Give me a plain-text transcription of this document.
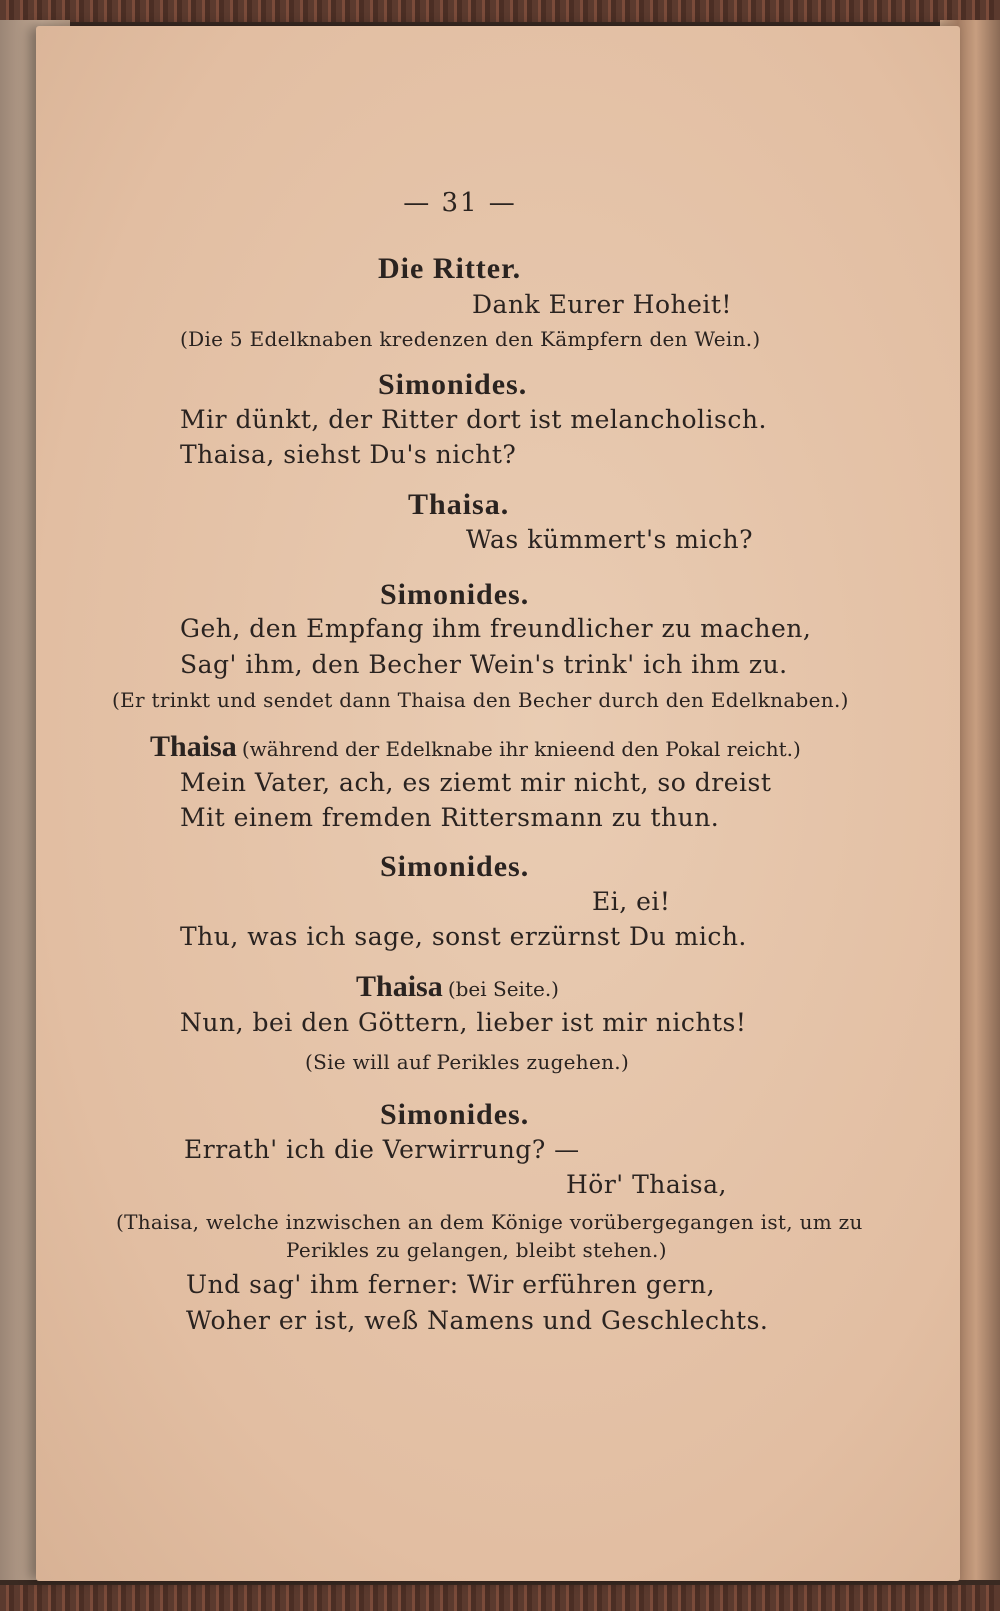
— 31 —
Die Ritter.
Dank Eurer Hoheit!
(Die 5 Edelknaben kredenzen den Kämpfern den Wein.)
Simonides.
Mir dünkt, der Ritter dort ist melancholisch.
Thaisa, siehst Du's nicht?
Thaisa.
Was kümmert's mich?
Simonides.
Geh, den Empfang ihm freundlicher zu machen,
Sag' ihm, den Becher Wein's trink' ich ihm zu.
(Er trinkt und sendet dann Thaisa den Becher durch den Edelknaben.)
Thaisa (während der Edelknabe ihr knieend den Pokal reicht.)
Mein Vater, ach, es ziemt mir nicht, so dreist
Mit einem fremden Rittersmann zu thun.
Simonides.
Ei, ei!
Thu, was ich sage, sonst erzürnst Du mich.
Thaisa (bei Seite.)
Nun, bei den Göttern, lieber ist mir nichts!
(Sie will auf Perikles zugehen.)
Simonides.
Errath' ich die Verwirrung? —
Hör' Thaisa,
(Thaisa, welche inzwischen an dem Könige vorübergegangen ist, um zu
Perikles zu gelangen, bleibt stehen.)
Und sag' ihm ferner: Wir erführen gern,
Woher er ist, weß Namens und Geschlechts.
